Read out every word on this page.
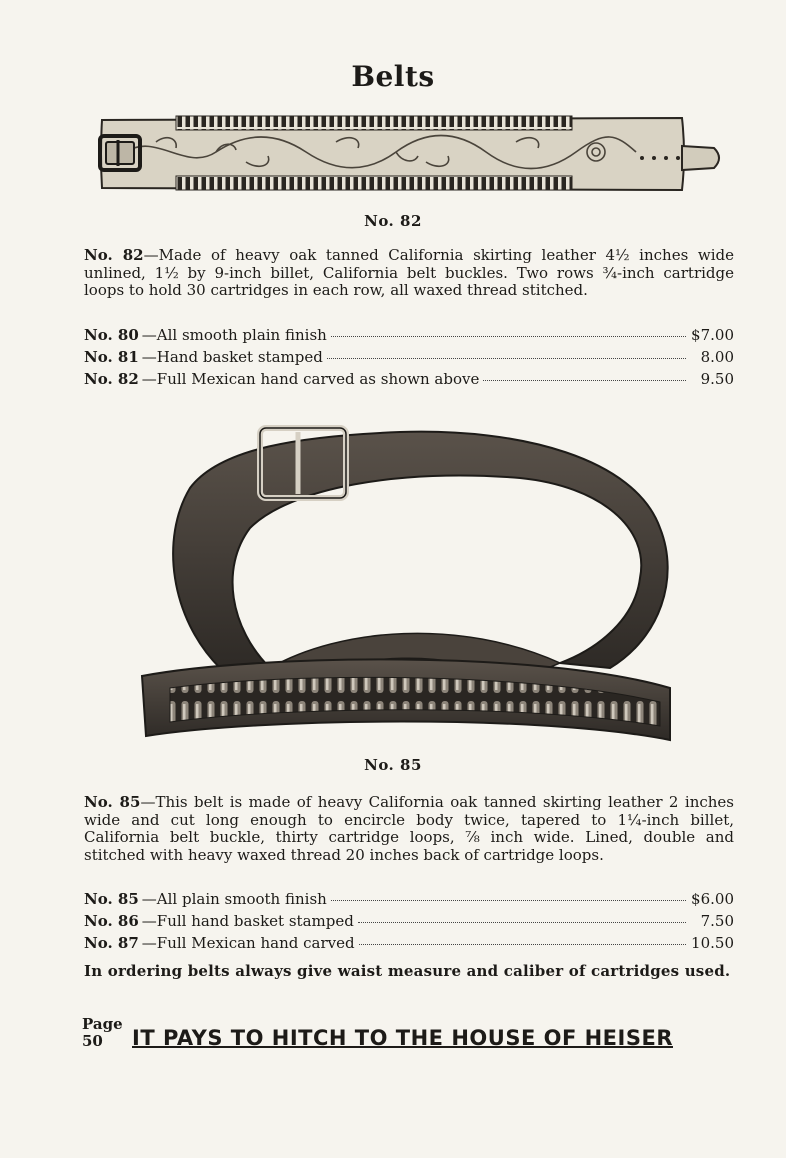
Belts
No. 82
No. 82—Made of heavy oak tanned California skirting leather 4½ inches wide unlined, 1½ by 9-inch billet, California belt buckles. Two rows ¾-inch cartridge loops to hold 30 cartridges in each row, all waxed thread stitched.
No. 80 —All smooth plain finish	$7.00
No. 81 —Hand basket stamped	8.00
No. 82 —Full Mexican hand carved as shown above	9.50
No. 85
No. 85—This belt is made of heavy California oak tanned skirting leather 2 inches wide and cut long enough to encircle body twice, tapered to 1¼-inch billet, California belt buckle, thirty cartridge loops, ⅞ inch wide. Lined, double and stitched with heavy waxed thread 20 inches back of cartridge loops.
No. 85 —All plain smooth finish	$6.00
No. 86 —Full hand basket stamped	7.50
No. 87 —Full Mexican hand carved	10.50
In ordering belts always give waist measure and caliber of cartridges used.
Page
50	IT PAYS TO HITCH TO THE HOUSE OF HEISER
